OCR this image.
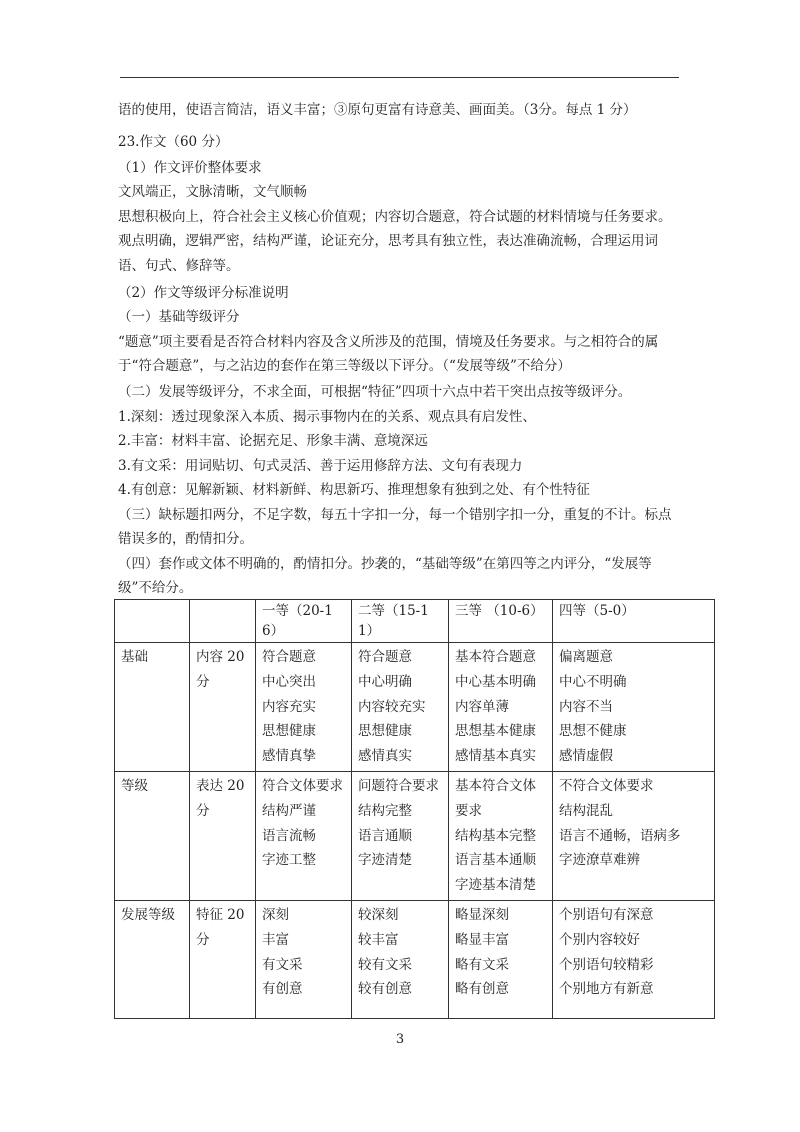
语的使用，使语言简洁，语义丰富；③原句更富有诗意美、画面美。（3分。每点 1 分）
23.作文（60 分）
（1）作文评价整体要求
文风端正，文脉清晰，文气顺畅
思想积极向上，符合社会主义核心价值观；内容切合题意，符合试题的材料情境与任务要求。观点明确，逻辑严密，结构严谨，论证充分，思考具有独立性，表达准确流畅，合理运用词语、句式、修辞等。
（2）作文等级评分标准说明
（一）基础等级评分
“题意”项主要看是否符合材料内容及含义所涉及的范围，情境及任务要求。与之相符合的属于“符合题意”，与之沾边的套作在第三等级以下评分。（“发展等级”不给分）
（二）发展等级评分，不求全面，可根据“特征”四项十六点中若干突出点按等级评分。
1.深刻：透过现象深入本质、揭示事物内在的关系、观点具有启发性、
2.丰富：材料丰富、论据充足、形象丰满、意境深远
3.有文采：用词贴切、句式灵活、善于运用修辞方法、文句有表现力
4.有创意：见解新颖、材料新鲜、构思新巧、推理想象有独到之处、有个性特征
（三）缺标题扣两分，不足字数，每五十字扣一分，每一个错别字扣一分，重复的不计。标点错误多的，酌情扣分。
（四）套作或文体不明确的，酌情扣分。抄袭的，“基础等级”在第四等之内评分，“发展等级”不给分。
		一等（20-16）	二等（15-11）	三等 （10-6）	四等（5-0）
基础	内容 20分	符合题意
中心突出
内容充实
思想健康
感情真挚	符合题意
中心明确
内容较充实
思想健康
感情真实	基本符合题意
中心基本明确
内容单薄
思想基本健康
感情基本真实	偏离题意
中心不明确
内容不当
思想不健康
感情虚假

等级	表达 20分	符合文体要求
结构严谨
语言流畅
字迹工整	问题符合要求
结构完整
语言通顺
字迹清楚	基本符合文体要求
结构基本完整
语言基本通顺
字迹基本清楚	不符合文体要求
结构混乱
语言不通畅，语病多
字迹潦草难辨

发展等级	特征 20分	深刻
丰富
有文采
有创意	较深刻
较丰富
较有文采
较有创意	略显深刻
略显丰富
略有文采
略有创意	个别语句有深意
个别内容较好
个别语句较精彩
个别地方有新意
3
